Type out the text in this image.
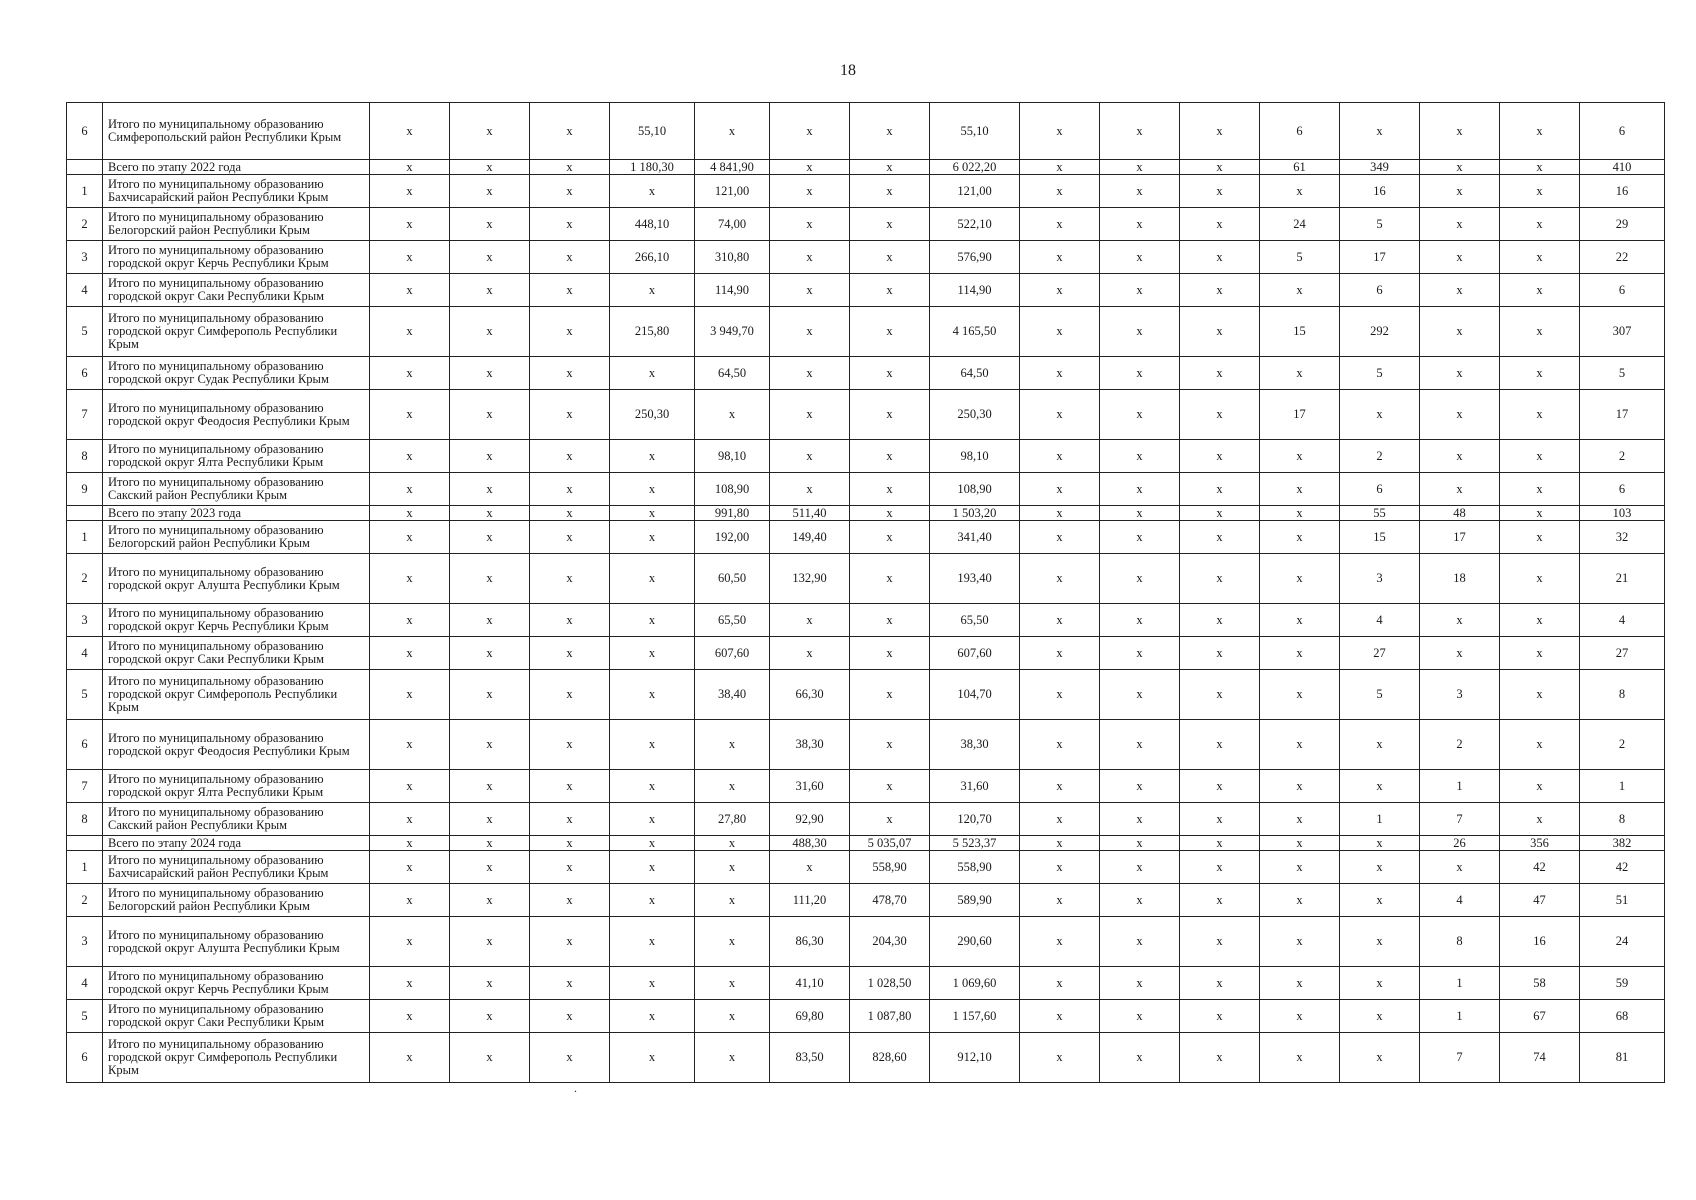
18
6	Итого по муниципальному образованию Симферопольский район Республики Крым	x	x	x	55,10	x	x	x	55,10	x	x	x	6	x	x	x	6
	Всего по этапу 2022 года	x	x	x	1 180,30	4 841,90	x	x	6 022,20	x	x	x	61	349	x	x	410
1	Итого по муниципальному образованию Бахчисарайский район Республики Крым	x	x	x	x	121,00	x	x	121,00	x	x	x	x	16	x	x	16
2	Итого по муниципальному образованию Белогорский район Республики Крым	x	x	x	448,10	74,00	x	x	522,10	x	x	x	24	5	x	x	29
3	Итого по муниципальному образованию городской округ Керчь Республики Крым	x	x	x	266,10	310,80	x	x	576,90	x	x	x	5	17	x	x	22
4	Итого по муниципальному образованию городской округ Саки Республики Крым	x	x	x	x	114,90	x	x	114,90	x	x	x	x	6	x	x	6
5	Итого по муниципальному образованию городской округ Симферополь Республики Крым	x	x	x	215,80	3 949,70	x	x	4 165,50	x	x	x	15	292	x	x	307
6	Итого по муниципальному образованию городской округ Судак Республики Крым	x	x	x	x	64,50	x	x	64,50	x	x	x	x	5	x	x	5
7	Итого по муниципальному образованию городской округ Феодосия Республики Крым	x	x	x	250,30	x	x	x	250,30	x	x	x	17	x	x	x	17
8	Итого по муниципальному образованию городской округ Ялта Республики Крым	x	x	x	x	98,10	x	x	98,10	x	x	x	x	2	x	x	2
9	Итого по муниципальному образованию Сакский район Республики Крым	x	x	x	x	108,90	x	x	108,90	x	x	x	x	6	x	x	6
	Всего по этапу 2023 года	x	x	x	x	991,80	511,40	x	1 503,20	x	x	x	x	55	48	x	103
1	Итого по муниципальному образованию Белогорский район Республики Крым	x	x	x	x	192,00	149,40	x	341,40	x	x	x	x	15	17	x	32
2	Итого по муниципальному образованию городской округ Алушта Республики Крым	x	x	x	x	60,50	132,90	x	193,40	x	x	x	x	3	18	x	21
3	Итого по муниципальному образованию городской округ Керчь Республики Крым	x	x	x	x	65,50	x	x	65,50	x	x	x	x	4	x	x	4
4	Итого по муниципальному образованию городской округ Саки Республики Крым	x	x	x	x	607,60	x	x	607,60	x	x	x	x	27	x	x	27
5	Итого по муниципальному образованию городской округ Симферополь Республики Крым	x	x	x	x	38,40	66,30	x	104,70	x	x	x	x	5	3	x	8
6	Итого по муниципальному образованию городской округ Феодосия Республики Крым	x	x	x	x	x	38,30	x	38,30	x	x	x	x	x	2	x	2
7	Итого по муниципальному образованию городской округ Ялта Республики Крым	x	x	x	x	x	31,60	x	31,60	x	x	x	x	x	1	x	1
8	Итого по муниципальному образованию Сакский район Республики Крым	x	x	x	x	27,80	92,90	x	120,70	x	x	x	x	1	7	x	8
	Всего по этапу 2024 года	x	x	x	x	x	488,30	5 035,07	5 523,37	x	x	x	x	x	26	356	382
1	Итого по муниципальному образованию Бахчисарайский район Республики Крым	x	x	x	x	x	x	558,90	558,90	x	x	x	x	x	x	42	42
2	Итого по муниципальному образованию Белогорский район Республики Крым	x	x	x	x	x	111,20	478,70	589,90	x	x	x	x	x	4	47	51
3	Итого по муниципальному образованию городской округ Алушта Республики Крым	x	x	x	x	x	86,30	204,30	290,60	x	x	x	x	x	8	16	24
4	Итого по муниципальному образованию городской округ Керчь Республики Крым	x	x	x	x	x	41,10	1 028,50	1 069,60	x	x	x	x	x	1	58	59
5	Итого по муниципальному образованию городской округ Саки Республики Крым	x	x	x	x	x	69,80	1 087,80	1 157,60	x	x	x	x	x	1	67	68
6	Итого по муниципальному образованию городской округ Симферополь Республики Крым	x	x	x	x	x	83,50	828,60	912,10	x	x	x	x	x	7	74	81
.
